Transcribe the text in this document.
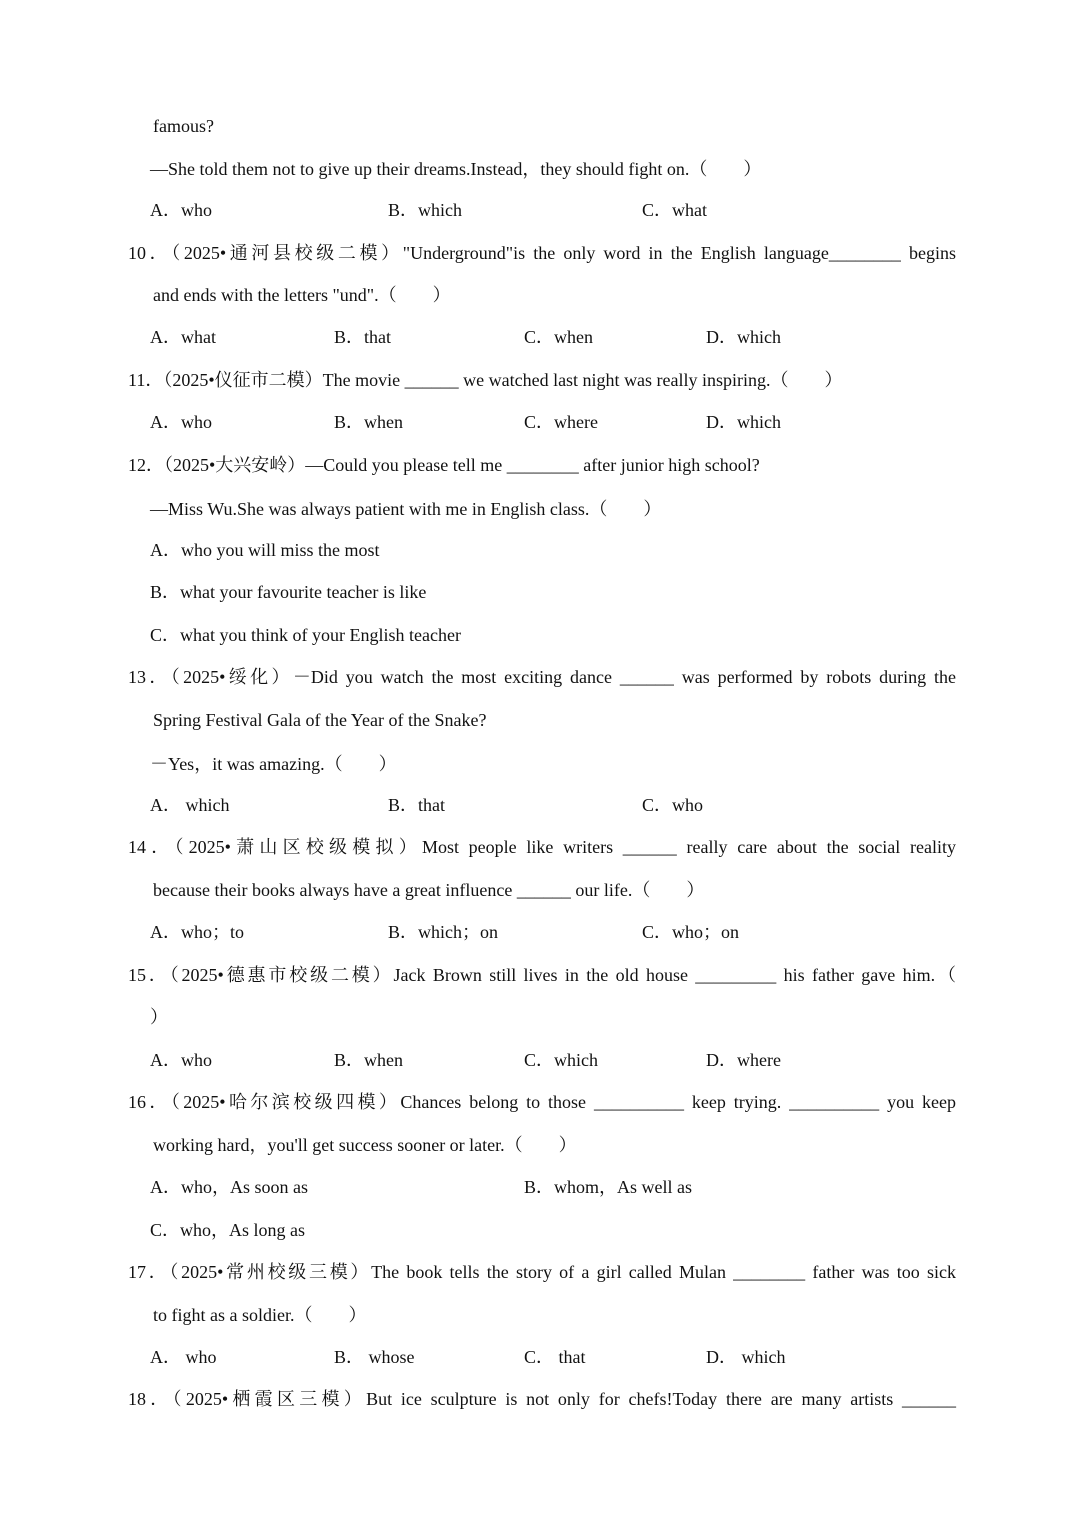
famous?
—She told them not to give up their dreams.Instead，they should fight on.（　　）
A．who	B．which	C．what
10．（2025•通河县校级二模）"Underground"is the only word in the English language________ begins
and ends with the letters "und".（　　）
A．what	B．that	C．when	D．which
11．（2025•仪征市二模）The movie ______ we watched last night was really inspiring.（　　）
A．who	B．when	C．where	D．which
12．（2025•大兴安岭）—Could you please tell me ________ after junior high school?
—Miss Wu.She was always patient with me in English class.（　　）
A．who you will miss the most
B．what your favourite teacher is like
C．what you think of your English teacher
13．（2025•绥化）－Did you watch the most exciting dance ______ was performed by robots during the
Spring Festival Gala of the Year of the Snake?
－Yes，it was amazing.（　　）
A． which	B．that	C．who
14．（2025•萧山区校级模拟）Most people like writers ______ really care about the social reality
because their books always have a great influence ______ our life.（　　）
A．who；to	B．which；on	C．who；on
15．（2025•德惠市校级二模）Jack Brown still lives in the old house _________ his father gave him.（
）
A．who	B．when	C．which	D．where
16．（2025•哈尔滨校级四模）Chances belong to those __________ keep trying. __________ you keep
working hard，you'll get success sooner or later.（　　）
A．who，As soon as	B．whom，As well as
C．who，As long as
17．（2025•常州校级三模）The book tells the story of a girl called Mulan ________ father was too sick
to fight as a soldier.（　　）
A． who	B． whose	C． that	D． which
18．（2025•栖霞区三模）But ice sculpture is not only for chefs!Today there are many artists ______
